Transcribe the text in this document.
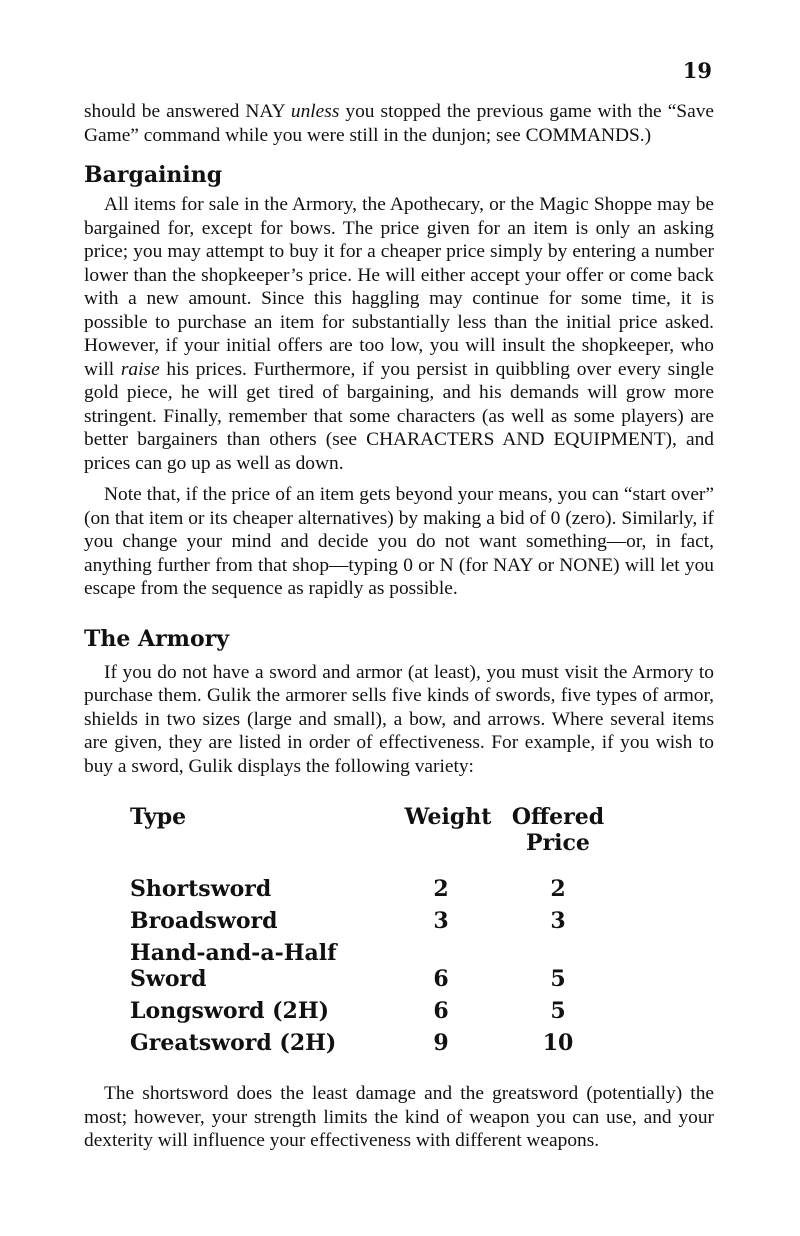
19

should be answered NAY unless you stopped the previous game with the “Save Game” command while you were still in the dunjon; see COMMANDS.)

Bargaining

All items for sale in the Armory, the Apothecary, or the Magic Shoppe may be bargained for, except for bows. The price given for an item is only an asking price; you may attempt to buy it for a cheaper price simply by entering a number lower than the shopkeeper’s price. He will either accept your offer or come back with a new amount. Since this haggling may continue for some time, it is possible to purchase an item for substantially less than the initial price asked. However, if your initial offers are too low, you will insult the shopkeeper, who will raise his prices. Furthermore, if you persist in quibbling over every single gold piece, he will get tired of bargaining, and his demands will grow more stringent. Finally, remember that some characters (as well as some players) are better bargainers than others (see CHARACTERS AND EQUIPMENT), and prices can go up as well as down.

Note that, if the price of an item gets beyond your means, you can “start over” (on that item or its cheaper alternatives) by making a bid of 0 (zero). Similarly, if you change your mind and decide you do not want something—or, in fact, anything further from that shop—typing 0 or N (for NAY or NONE) will let you escape from the sequence as rapidly as possible.

The Armory

If you do not have a sword and armor (at least), you must visit the Armory to purchase them. Gulik the armorer sells five kinds of swords, five types of armor, shields in two sizes (large and small), a bow, and arrows. Where several items are given, they are listed in order of effectiveness. For example, if you wish to buy a sword, Gulik displays the following variety:

Type	Weight	Offered
Price
Shortsword	2	2
Broadsword	3	3
Hand-and-a-Half
Sword	6	5
Longsword (2H)	6	5
Greatsword (2H)	9	10

The shortsword does the least damage and the greatsword (potentially) the most; however, your strength limits the kind of weapon you can use, and your dexterity will influence your effectiveness with different weapons.
